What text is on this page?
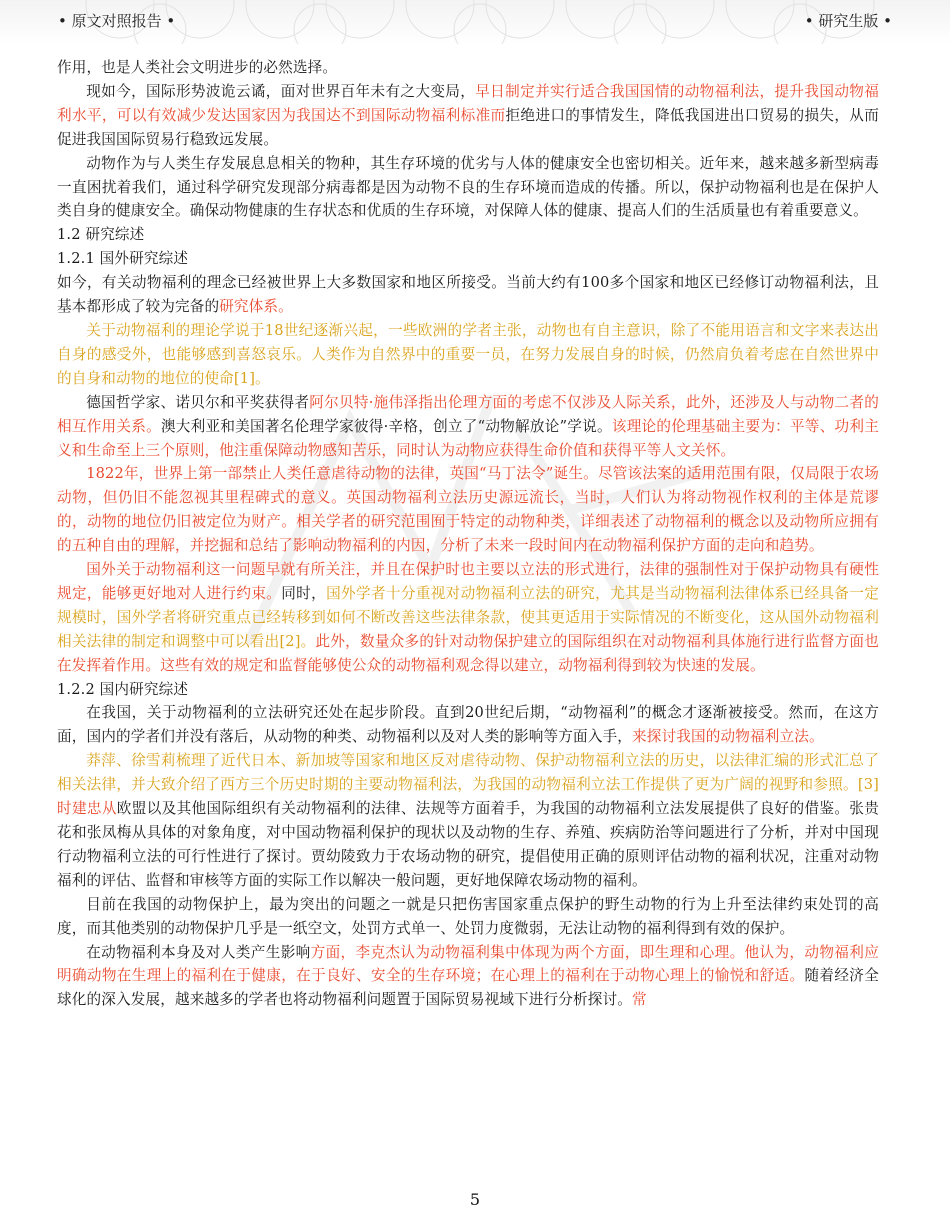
• 原文对照报告 •	• 研究生版 •

作用，也是人类社会文明进步的必然选择。

现如今，国际形势波诡云谲，面对世界百年未有之大变局，早日制定并实行适合我国国情的动物福利法，提升我国动物福利水平，可以有效减少发达国家因为我国达不到国际动物福利标准而拒绝进口的事情发生，降低我国进出口贸易的损失，从而促进我国国际贸易行稳致远发展。

动物作为与人类生存发展息息相关的物种，其生存环境的优劣与人体的健康安全也密切相关。近年来，越来越多新型病毒一直困扰着我们，通过科学研究发现部分病毒都是因为动物不良的生存环境而造成的传播。所以，保护动物福利也是在保护人类自身的健康安全。确保动物健康的生存状态和优质的生存环境，对保障人体的健康、提高人们的生活质量也有着重要意义。

1.2 研究综述

1.2.1 国外研究综述

如今，有关动物福利的理念已经被世界上大多数国家和地区所接受。当前大约有100多个国家和地区已经修订动物福利法，且基本都形成了较为完备的研究体系。

关于动物福利的理论学说于18世纪逐渐兴起，一些欧洲的学者主张，动物也有自主意识，除了不能用语言和文字来表达出自身的感受外，也能够感到喜怒哀乐。人类作为自然界中的重要一员，在努力发展自身的时候，仍然肩负着考虑在自然世界中的自身和动物的地位的使命[1]。

德国哲学家、诺贝尔和平奖获得者阿尔贝特·施伟泽指出伦理方面的考虑不仅涉及人际关系，此外，还涉及人与动物二者的相互作用关系。澳大利亚和美国著名伦理学家彼得·辛格，创立了“动物解放论”学说。该理论的伦理基础主要为：平等、功利主义和生命至上三个原则，他注重保障动物感知苦乐，同时认为动物应获得生命价值和获得平等人文关怀。

1822年，世界上第一部禁止人类任意虐待动物的法律，英国“马丁法令”诞生。尽管该法案的适用范围有限，仅局限于农场动物，但仍旧不能忽视其里程碑式的意义。英国动物福利立法历史源远流长，当时，人们认为将动物视作权利的主体是荒谬的，动物的地位仍旧被定位为财产。相关学者的研究范围囿于特定的动物种类，详细表述了动物福利的概念以及动物所应拥有的五种自由的理解，并挖掘和总结了影响动物福利的内因，分析了未来一段时间内在动物福利保护方面的走向和趋势。

国外关于动物福利这一问题早就有所关注，并且在保护时也主要以立法的形式进行，法律的强制性对于保护动物具有硬性规定，能够更好地对人进行约束。同时，国外学者十分重视对动物福利立法的研究，尤其是当动物福利法律体系已经具备一定规模时，国外学者将研究重点已经转移到如何不断改善这些法律条款，使其更适用于实际情况的不断变化，这从国外动物福利相关法律的制定和调整中可以看出[2]。此外，数量众多的针对动物保护建立的国际组织在对动物福利具体施行进行监督方面也在发挥着作用。这些有效的规定和监督能够使公众的动物福利观念得以建立，动物福利得到较为快速的发展。

1.2.2 国内研究综述

在我国，关于动物福利的立法研究还处在起步阶段。直到20世纪后期，“动物福利”的概念才逐渐被接受。然而，在这方面，国内的学者们并没有落后，从动物的种类、动物福利以及对人类的影响等方面入手，来探讨我国的动物福利立法。

莽萍、徐雪莉梳理了近代日本、新加坡等国家和地区反对虐待动物、保护动物福利立法的历史，以法律汇编的形式汇总了相关法律，并大致介绍了西方三个历史时期的主要动物福利法，为我国的动物福利立法工作提供了更为广阔的视野和参照。[3]时建忠从欧盟以及其他国际组织有关动物福利的法律、法规等方面着手，为我国的动物福利立法发展提供了良好的借鉴。张贵花和张凤梅从具体的对象角度，对中国动物福利保护的现状以及动物的生存、养殖、疾病防治等问题进行了分析，并对中国现行动物福利立法的可行性进行了探讨。贾幼陵致力于农场动物的研究，提倡使用正确的原则评估动物的福利状况，注重对动物福利的评估、监督和审核等方面的实际工作以解决一般问题，更好地保障农场动物的福利。

目前在我国的动物保护上，最为突出的问题之一就是只把伤害国家重点保护的野生动物的行为上升至法律约束处罚的高度，而其他类别的动物保护几乎是一纸空文，处罚方式单一、处罚力度微弱，无法让动物的福利得到有效的保护。

在动物福利本身及对人类产生影响方面，李克杰认为动物福利集中体现为两个方面，即生理和心理。他认为，动物福利应明确动物在生理上的福利在于健康，在于良好、安全的生存环境；在心理上的福利在于动物心理上的愉悦和舒适。随着经济全球化的深入发展，越来越多的学者也将动物福利问题置于国际贸易视域下进行分析探讨。常

5
